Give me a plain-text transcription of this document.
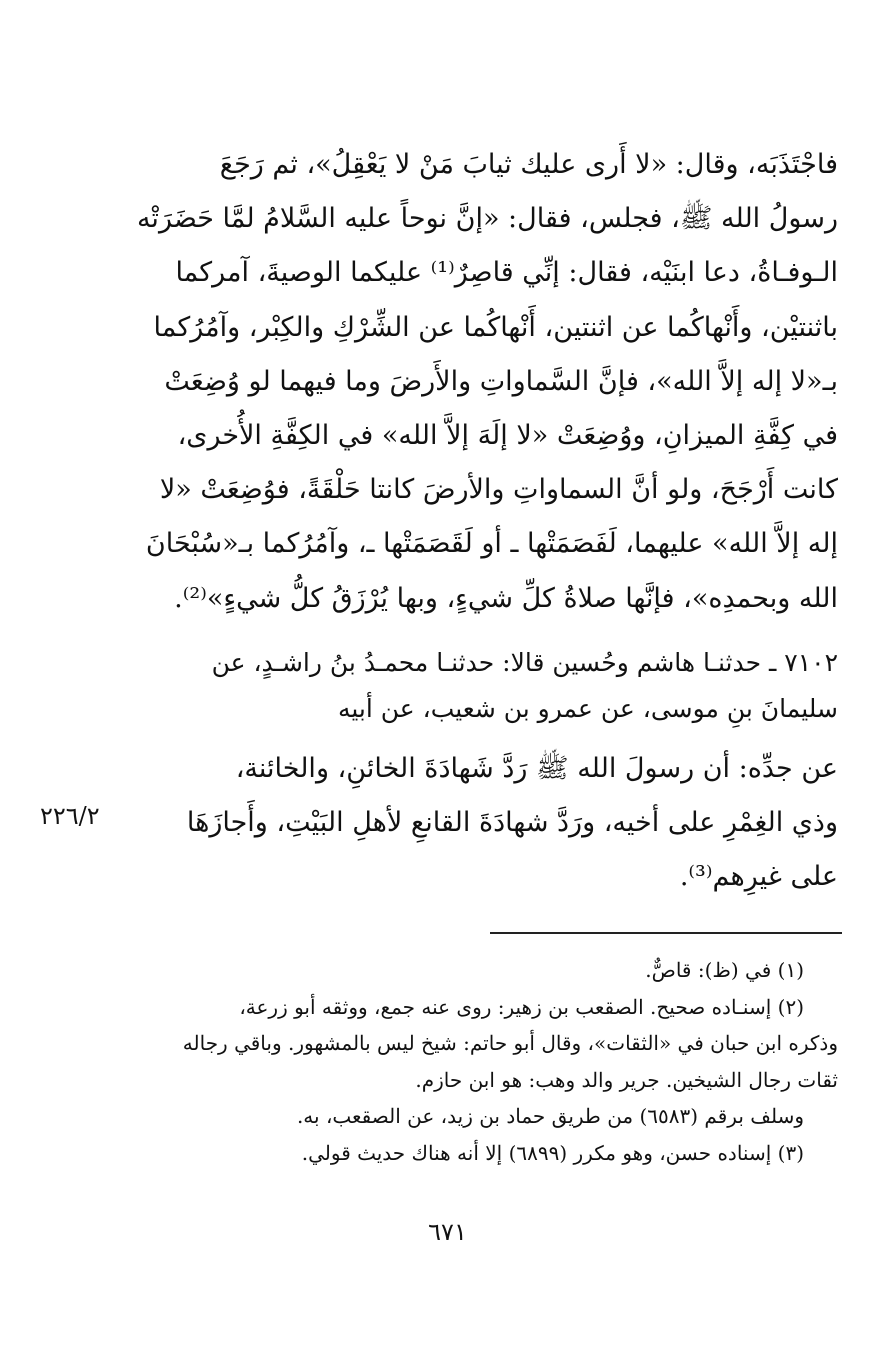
فاجْتَذَبَه، وقال: «لا أَرى عليك ثيابَ مَنْ لا يَعْقِلُ»، ثم رَجَعَ
رسولُ الله ﷺ، فجلس، فقال: «إنَّ نوحاً عليه السَّلامُ لمَّا حَضَرَتْه
الـوفـاةُ، دعا ابنَيْه، فقال: إنِّي قاصِرٌ⁽¹⁾ عليكما الوصيةَ، آمركما
باثنتيْن، وأَنْهاكُما عن اثنتين، أَنْهاكُما عن الشِّرْكِ والكِبْر، وآمُرُكما
بـ«لا إله إلاَّ الله»، فإنَّ السَّماواتِ والأَرضَ وما فيهما لو وُضِعَتْ
في كِفَّةِ الميزانِ، ووُضِعَتْ «لا إلَهَ إلاَّ الله» في الكِفَّةِ الأُخرى،
كانت أَرْجَحَ، ولو أنَّ السماواتِ والأرضَ كانتا حَلْقَةً، فوُضِعَتْ «لا
إله إلاَّ الله» عليهما، لَفَصَمَتْها ـ أو لَقَصَمَتْها ـ، وآمُرُكما بـ«سُبْحَانَ
الله وبحمدِه»، فإنَّها صلاةُ كلِّ شيءٍ، وبها يُرْزَقُ كلُّ شيءٍ»⁽²⁾.
٧١٠٢ ـ حدثنـا هاشم وحُسين قالا: حدثنـا محمـدُ بنُ راشـدٍ، عن
سليمانَ بنِ موسى، عن عمرو بن شعيب، عن أبيه
عن جدِّه: أن رسولَ الله ﷺ رَدَّ شَهادَةَ الخائنِ، والخائنة،
وذي الغِمْرِ على أخيه، ورَدَّ شهادَةَ القانعِ لأهلِ البَيْتِ، وأَجازَهَا
على غيرِهم⁽³⁾.
٢٢٦/٢
(١) في (ظ): قاصٌّ.
(٢) إسنـاده صحيح. الصقعب بن زهير: روى عنه جمع، ووثقه أبو زرعة،
وذكره ابن حبان في «الثقات»، وقال أبو حاتم: شيخ ليس بالمشهور. وباقي رجاله
ثقات رجال الشيخين. جرير والد وهب: هو ابن حازم.
وسلف برقم (٦٥٨٣) من طريق حماد بن زيد، عن الصقعب، به.
(٣) إسناده حسن، وهو مكرر (٦٨٩٩) إلا أنه هناك حديث قولي.
٦٧١
